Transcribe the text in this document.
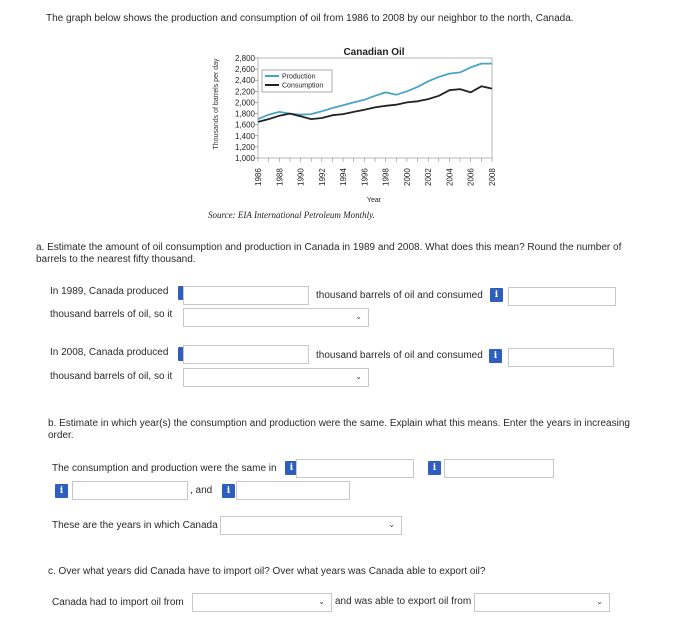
The graph below shows the production and consumption of oil from 1986 to 2008 by our neighbor to the north, Canada.
Canadian Oil
Thousands of barrels per day 2,800
2,600
2,400
2,200
2,000
1,800
1,600
1,400
1,200
1,000
1986 1988 1990 1992 1994 1996 1998 2000 2002 2004 2006 2008
Production
Consumption
Year
Source: EIA International Petroleum Monthly.
a. Estimate the amount of oil consumption and production in Canada in 1989 and 2008. What does this mean? Round the number of barrels to the nearest fifty thousand.
In 1989, Canada produced	thousand barrels of oil and consumed	i
thousand barrels of oil, so it	⌄
In 2008, Canada produced	thousand barrels of oil and consumed	i
thousand barrels of oil, so it	⌄
b. Estimate in which year(s) the consumption and production were the same. Explain what this means. Enter the years in increasing order.
The consumption and production were the same in	i	i
i	, and	i
These are the years in which Canada	⌄
c. Over what years did Canada have to import oil? Over what years was Canada able to export oil?
Canada had to import oil from	⌄ and was able to export oil from	⌄
